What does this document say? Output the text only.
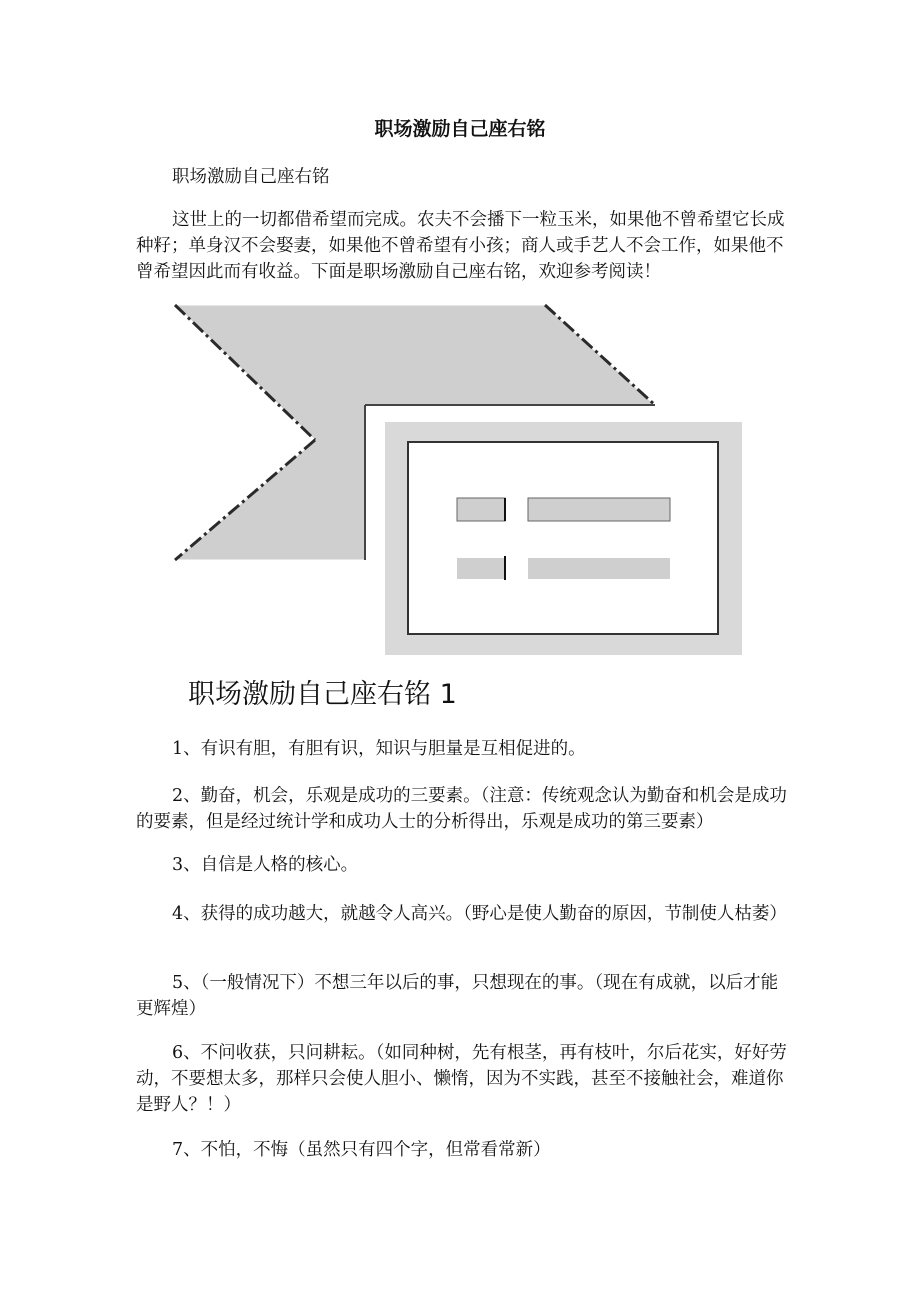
职场激励自己座右铭

职场激励自己座右铭

这世上的一切都借希望而完成。农夫不会播下一粒玉米，如果他不曾希望它长成种籽；单身汉不会娶妻，如果他不曾希望有小孩；商人或手艺人不会工作，如果他不曾希望因此而有收益。下面是职场激励自己座右铭，欢迎参考阅读！

职场激励自己座右铭 1

1、有识有胆，有胆有识，知识与胆量是互相促进的。

2、勤奋，机会，乐观是成功的三要素。（注意：传统观念认为勤奋和机会是成功的要素，但是经过统计学和成功人士的分析得出，乐观是成功的第三要素）

3、自信是人格的核心。

4、获得的成功越大，就越令人高兴。（野心是使人勤奋的原因，节制使人枯萎）

5、（一般情况下）不想三年以后的事，只想现在的事。（现在有成就，以后才能更辉煌）

6、不问收获，只问耕耘。（如同种树，先有根茎，再有枝叶，尔后花实，好好劳动，不要想太多，那样只会使人胆小、懒惰，因为不实践，甚至不接触社会，难道你是野人？！）

7、不怕，不悔（虽然只有四个字，但常看常新）
